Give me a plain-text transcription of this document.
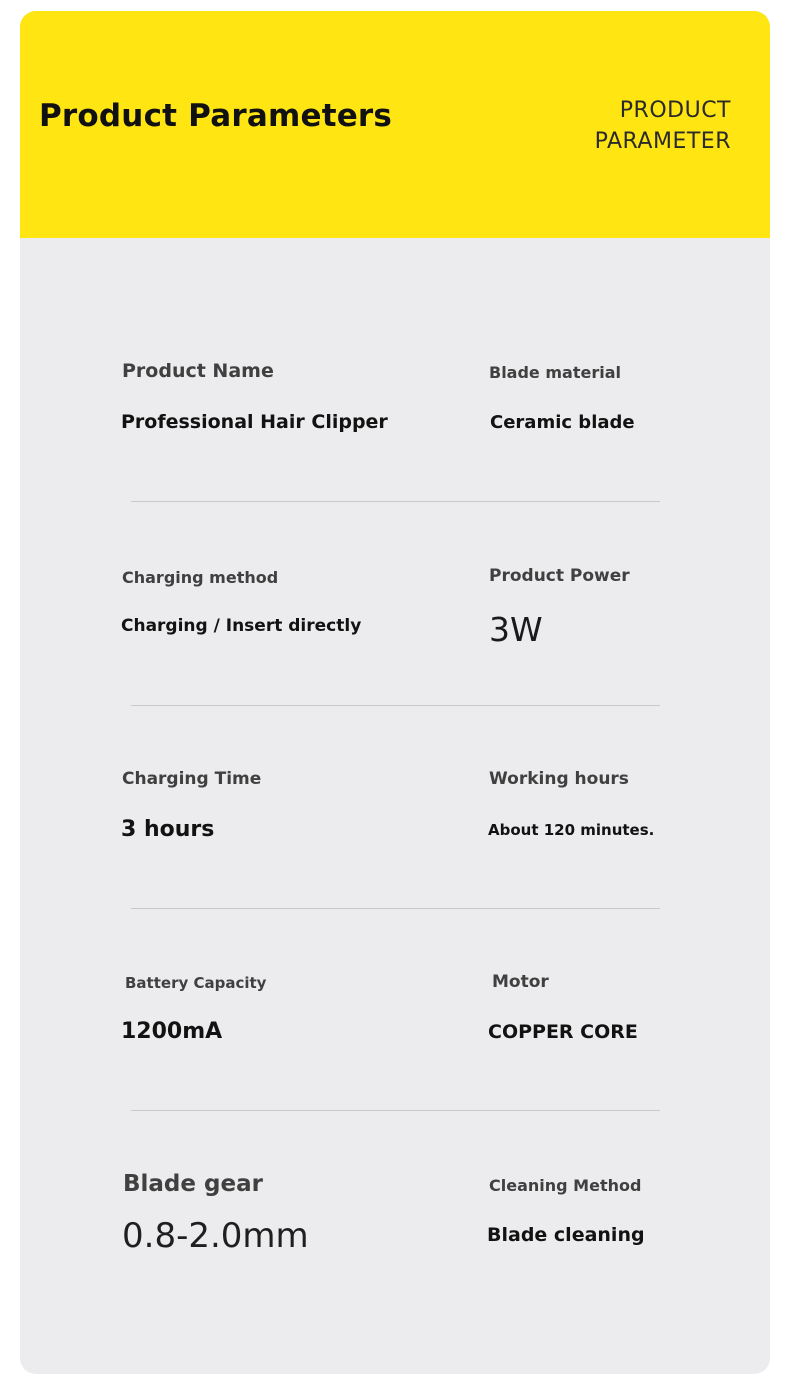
Product Parameters	PRODUCT
PARAMETER
Product Name
Professional Hair Clipper
Blade material
Ceramic blade
Charging method
Charging / Insert directly
Product Power
3W
Charging Time
3 hours
Working hours
About 120 minutes.
Battery Capacity
1200mA
Motor
COPPER CORE
Blade gear
0.8-2.0mm
Cleaning Method
Blade cleaning
